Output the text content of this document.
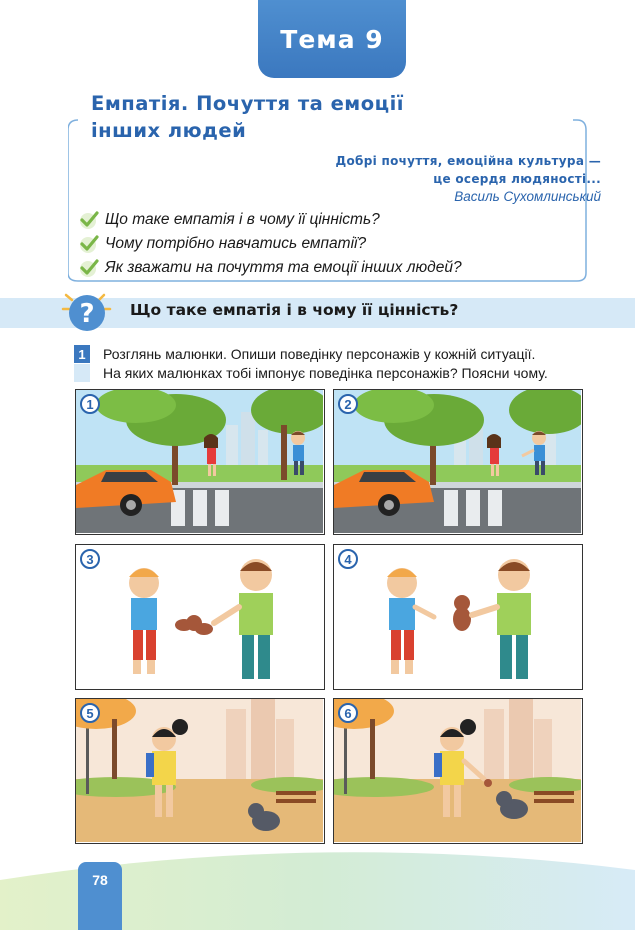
Тема 9
Емпатія. Почуття та емоції
інших людей
Добрі почуття, емоційна культура —
це осердя людяності...
Василь Сухомлинський
Що таке емпатія і в чому її цінність?
Чому потрібно навчатись емпатії?
Як зважати на почуття та емоції інших людей?
? Що таке емпатія і в чому її цінність?
1	Розглянь малюнки. Опиши поведінку персонажів у кожній ситуації.
На яких малюнках тобі імпонує поведінка персонажів? Поясни чому.
1	2
3	4
5	6
78
